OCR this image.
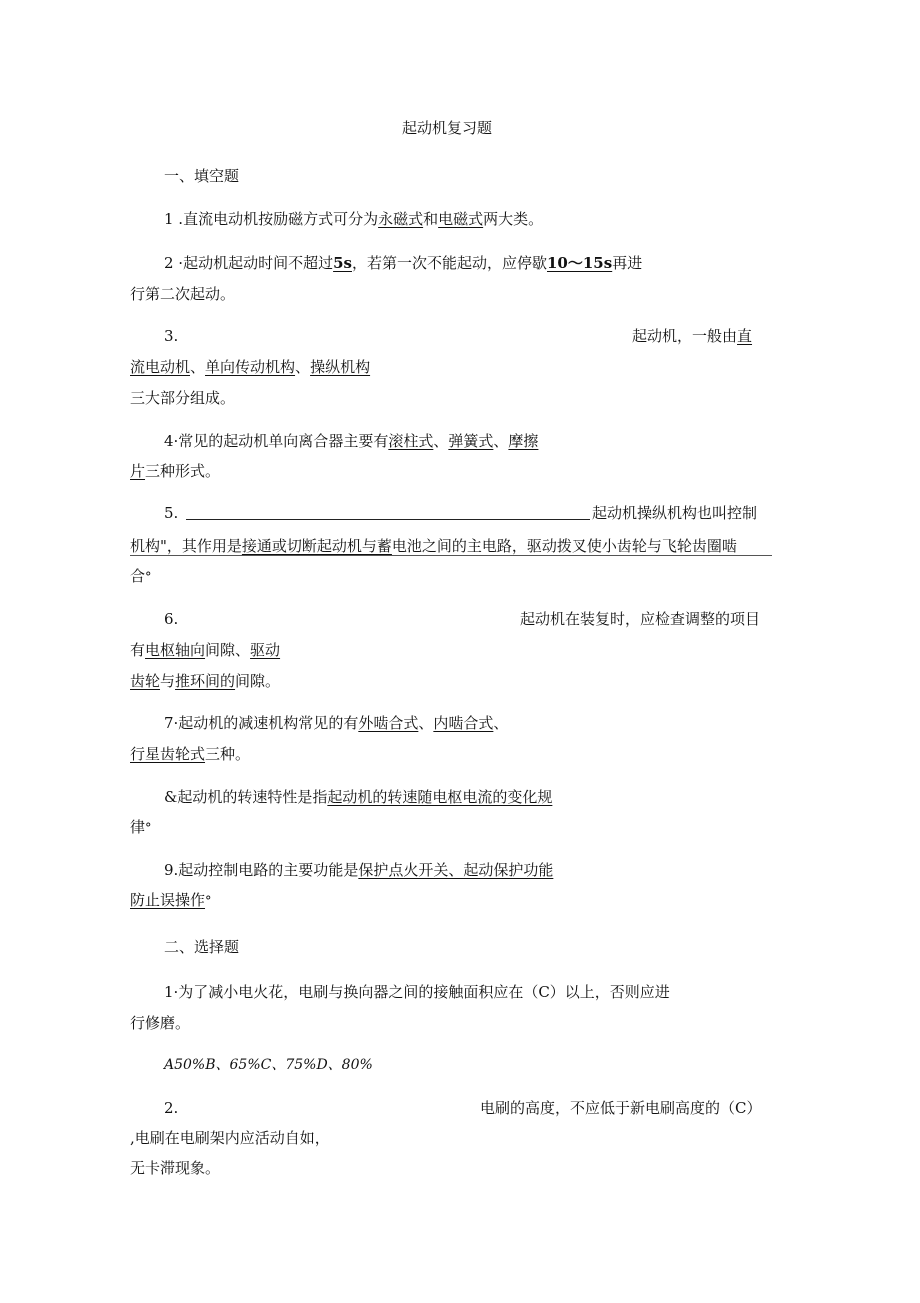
起动机复习题
一、填空题
1 .直流电动机按励磁方式可分为永磁式和电磁式两大类。
2 ·起动机起动时间不超过5s，若第一次不能起动，应停歇10～15s再进
行第二次起动。
3.	起动机，一般由直
流电动机、单向传动机构、操纵机构
三大部分组成。
4·常见的起动机单向离合器主要有滚柱式、弹簧式、摩擦
片三种形式。
5.	起动机操纵机构也叫控制
机构"，其作用是接通或切断起动机与蓄电池之间的主电路，驱动拨叉使小齿轮与飞轮齿圈啮
合°
6.	起动机在装复时，应检查调整的项目
有电枢轴向间隙、驱动
齿轮与推环间的间隙。
7·起动机的减速机构常见的有外啮合式、内啮合式、
行星齿轮式三种。
&起动机的转速特性是指起动机的转速随电枢电流的变化规
律°
9.起动控制电路的主要功能是保护点火开关、起动保护功能
防止误操作°
二、选择题
1·为了减小电火花，电刷与换向器之间的接触面积应在（C）以上，否则应进
行修磨。
A50%B、65%C、75%D、80%
2.	电刷的高度，不应低于新电刷高度的（C）
,电刷在电刷架内应活动自如，
无卡滞现象。
